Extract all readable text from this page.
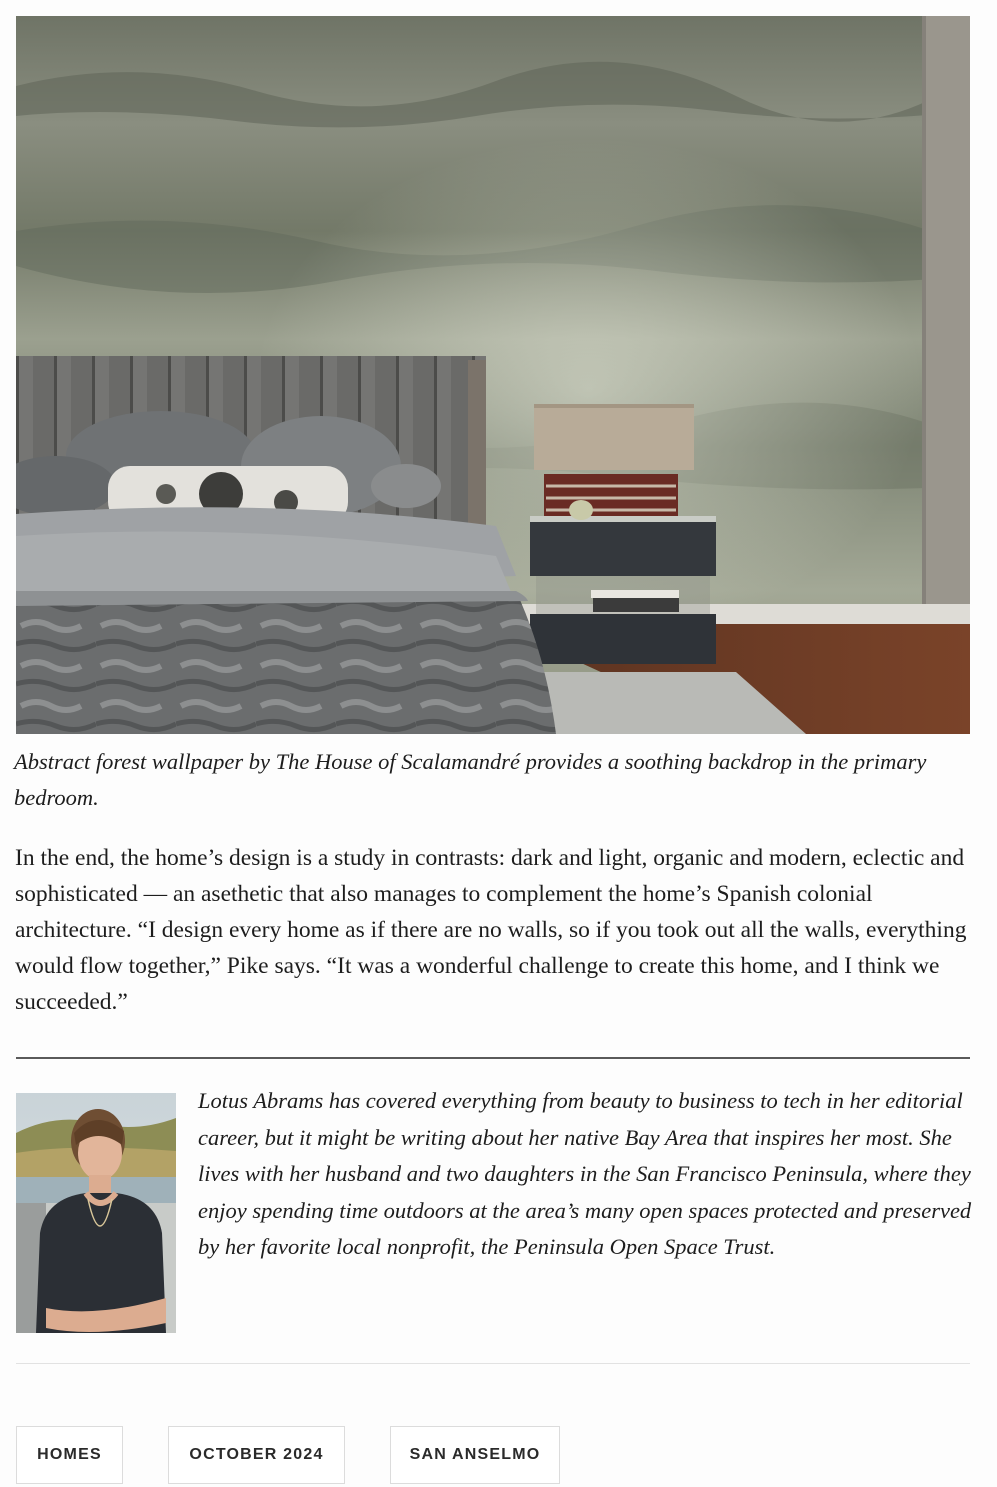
Abstract forest wallpaper by The House of Scalamandré provides a soothing backdrop in the primary bedroom.

In the end, the home’s design is a study in contrasts: dark and light, organic and modern, eclectic and sophisticated — an asethetic that also manages to complement the home’s Spanish colonial architecture. “I design every home as if there are no walls, so if you took out all the walls, everything would flow together,” Pike says. “It was a wonderful challenge to create this home, and I think we succeeded.”

Lotus Abrams has covered everything from beauty to business to tech in her editorial career, but it might be writing about her native Bay Area that inspires her most. She lives with her husband and two daughters in the San Francisco Peninsula, where they enjoy spending time outdoors at the area’s many open spaces protected and preserved by her favorite local nonprofit, the Peninsula Open Space Trust.

HOMES	OCTOBER 2024	SAN ANSELMO
